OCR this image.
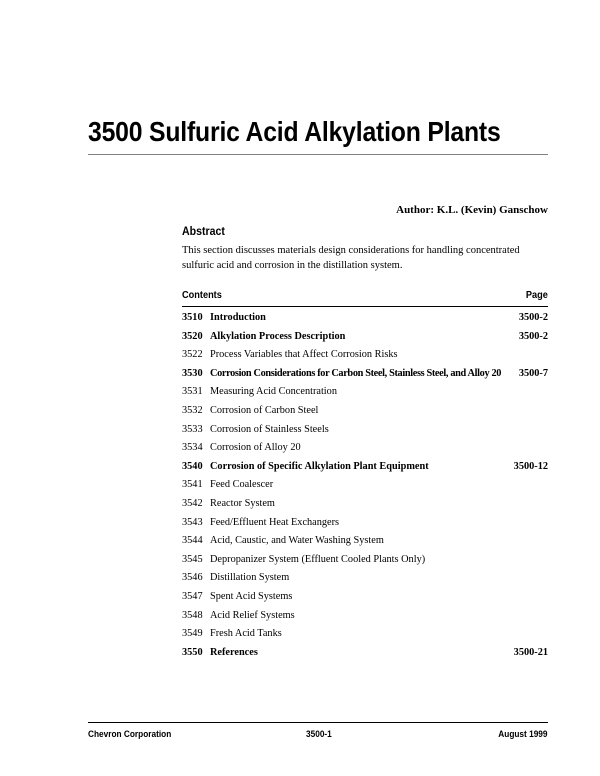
3500 Sulfuric Acid Alkylation Plants
Author: K.L. (Kevin) Ganschow
Abstract
This section discusses materials design considerations for handling concentrated sulfuric acid and corrosion in the distillation system.
Contents	Page
3510 Introduction	3500-2
3520 Alkylation Process Description	3500-2
3522 Process Variables that Affect Corrosion Risks
3530 Corrosion Considerations for Carbon Steel, Stainless Steel, and Alloy 20 3500-7
3531 Measuring Acid Concentration
3532 Corrosion of Carbon Steel
3533 Corrosion of Stainless Steels
3534 Corrosion of Alloy 20
3540 Corrosion of Specific Alkylation Plant Equipment	3500-12
3541 Feed Coalescer
3542 Reactor System
3543 Feed/Effluent Heat Exchangers
3544 Acid, Caustic, and Water Washing System
3545 Depropanizer System (Effluent Cooled Plants Only)
3546 Distillation System
3547 Spent Acid Systems
3548 Acid Relief Systems
3549 Fresh Acid Tanks
3550 References	3500-21
Chevron Corporation	3500-1	August 1999
